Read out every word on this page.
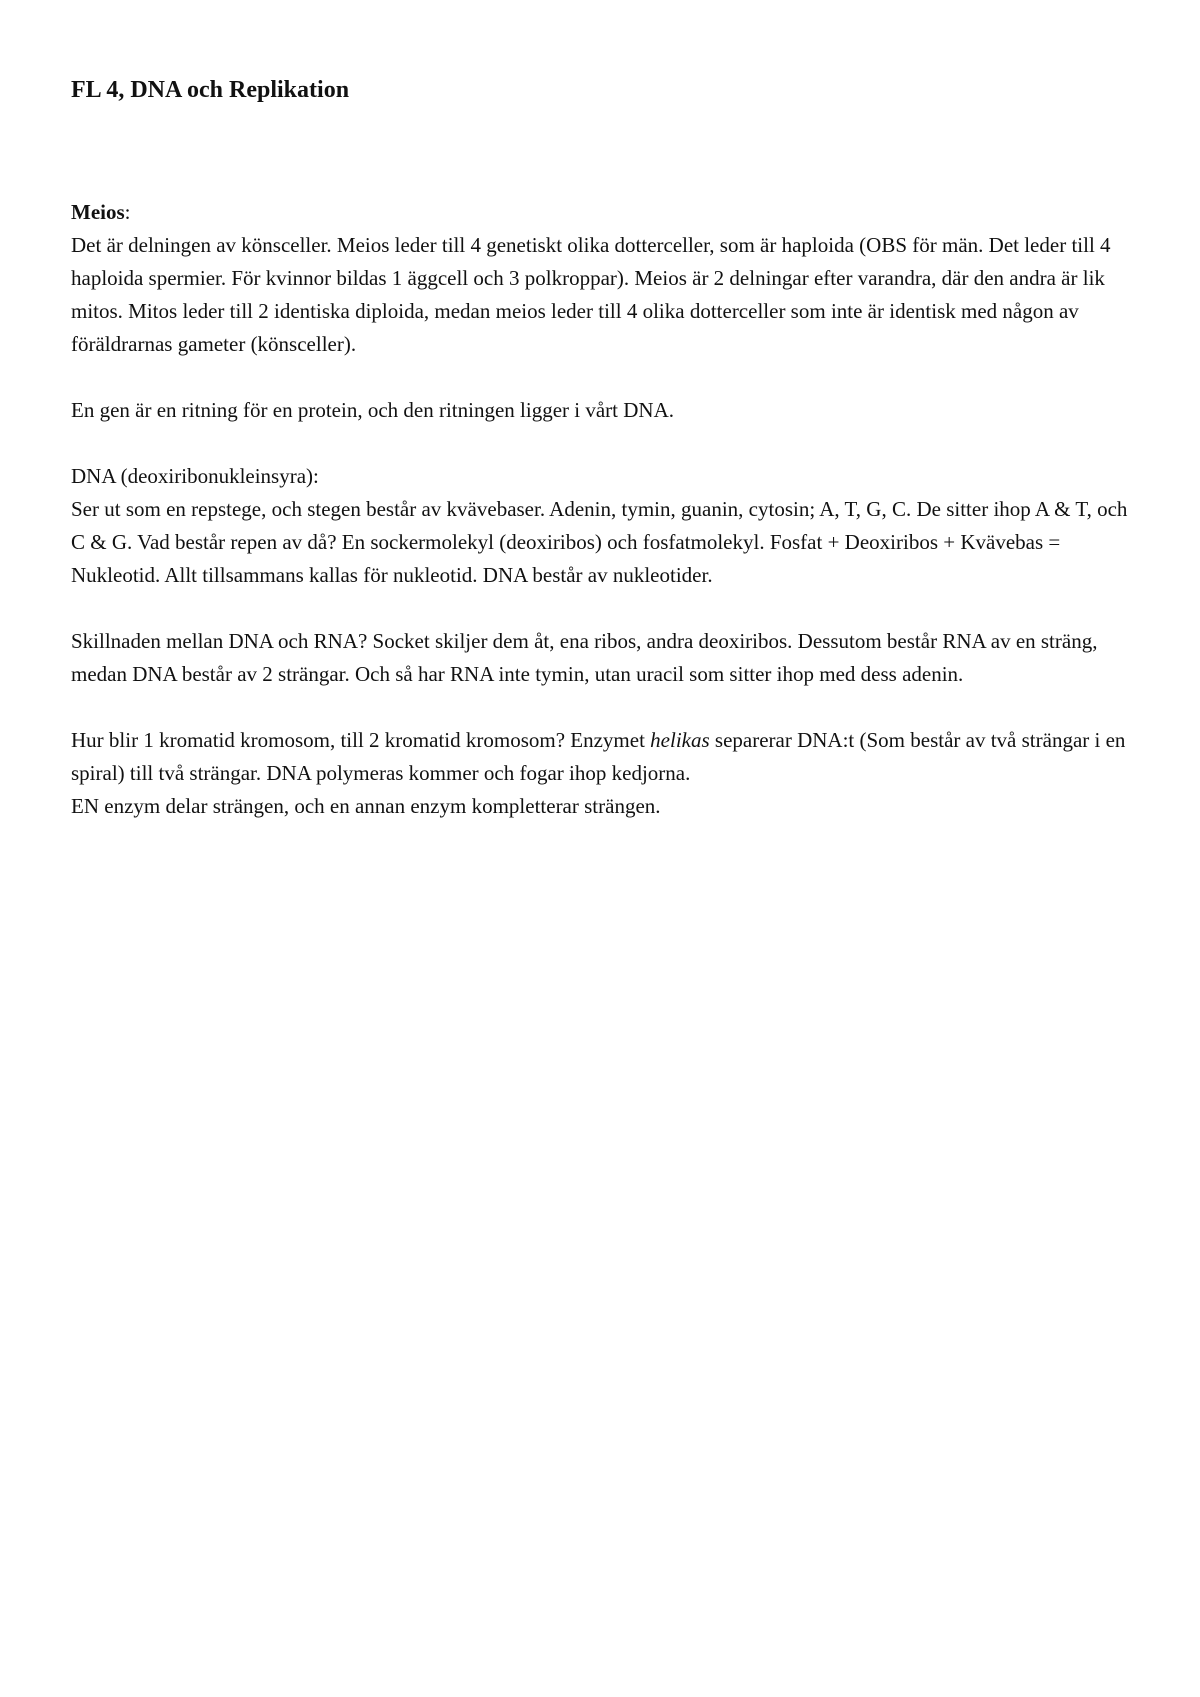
FL 4, DNA och Replikation

Meios:

Det är delningen av könsceller. Meios leder till 4 genetiskt olika dotterceller, som är haploida (OBS för män. Det leder till 4 haploida spermier. För kvinnor bildas 1 äggcell och 3 polkroppar). Meios är 2 delningar efter varandra, där den andra är lik mitos. Mitos leder till 2 identiska diploida, medan meios leder till 4 olika dotterceller som inte är identisk med någon av föräldrarnas gameter (könsceller).

En gen är en ritning för en protein, och den ritningen ligger i vårt DNA.

DNA (deoxiribonukleinsyra):

Ser ut som en repstege, och stegen består av kvävebaser. Adenin, tymin, guanin, cytosin; A, T, G, C. De sitter ihop A & T, och C & G. Vad består repen av då? En sockermolekyl (deoxiribos) och fosfatmolekyl. Fosfat + Deoxiribos + Kvävebas = Nukleotid. Allt tillsammans kallas för nukleotid. DNA består av nukleotider.

Skillnaden mellan DNA och RNA? Socket skiljer dem åt, ena ribos, andra deoxiribos. Dessutom består RNA av en sträng, medan DNA består av 2 strängar. Och så har RNA inte tymin, utan uracil som sitter ihop med dess adenin.

Hur blir 1 kromatid kromosom, till 2 kromatid kromosom? Enzymet helikas separerar DNA:t (Som består av två strängar i en spiral) till två strängar. DNA polymeras kommer och fogar ihop kedjorna.

EN enzym delar strängen, och en annan enzym kompletterar strängen.
